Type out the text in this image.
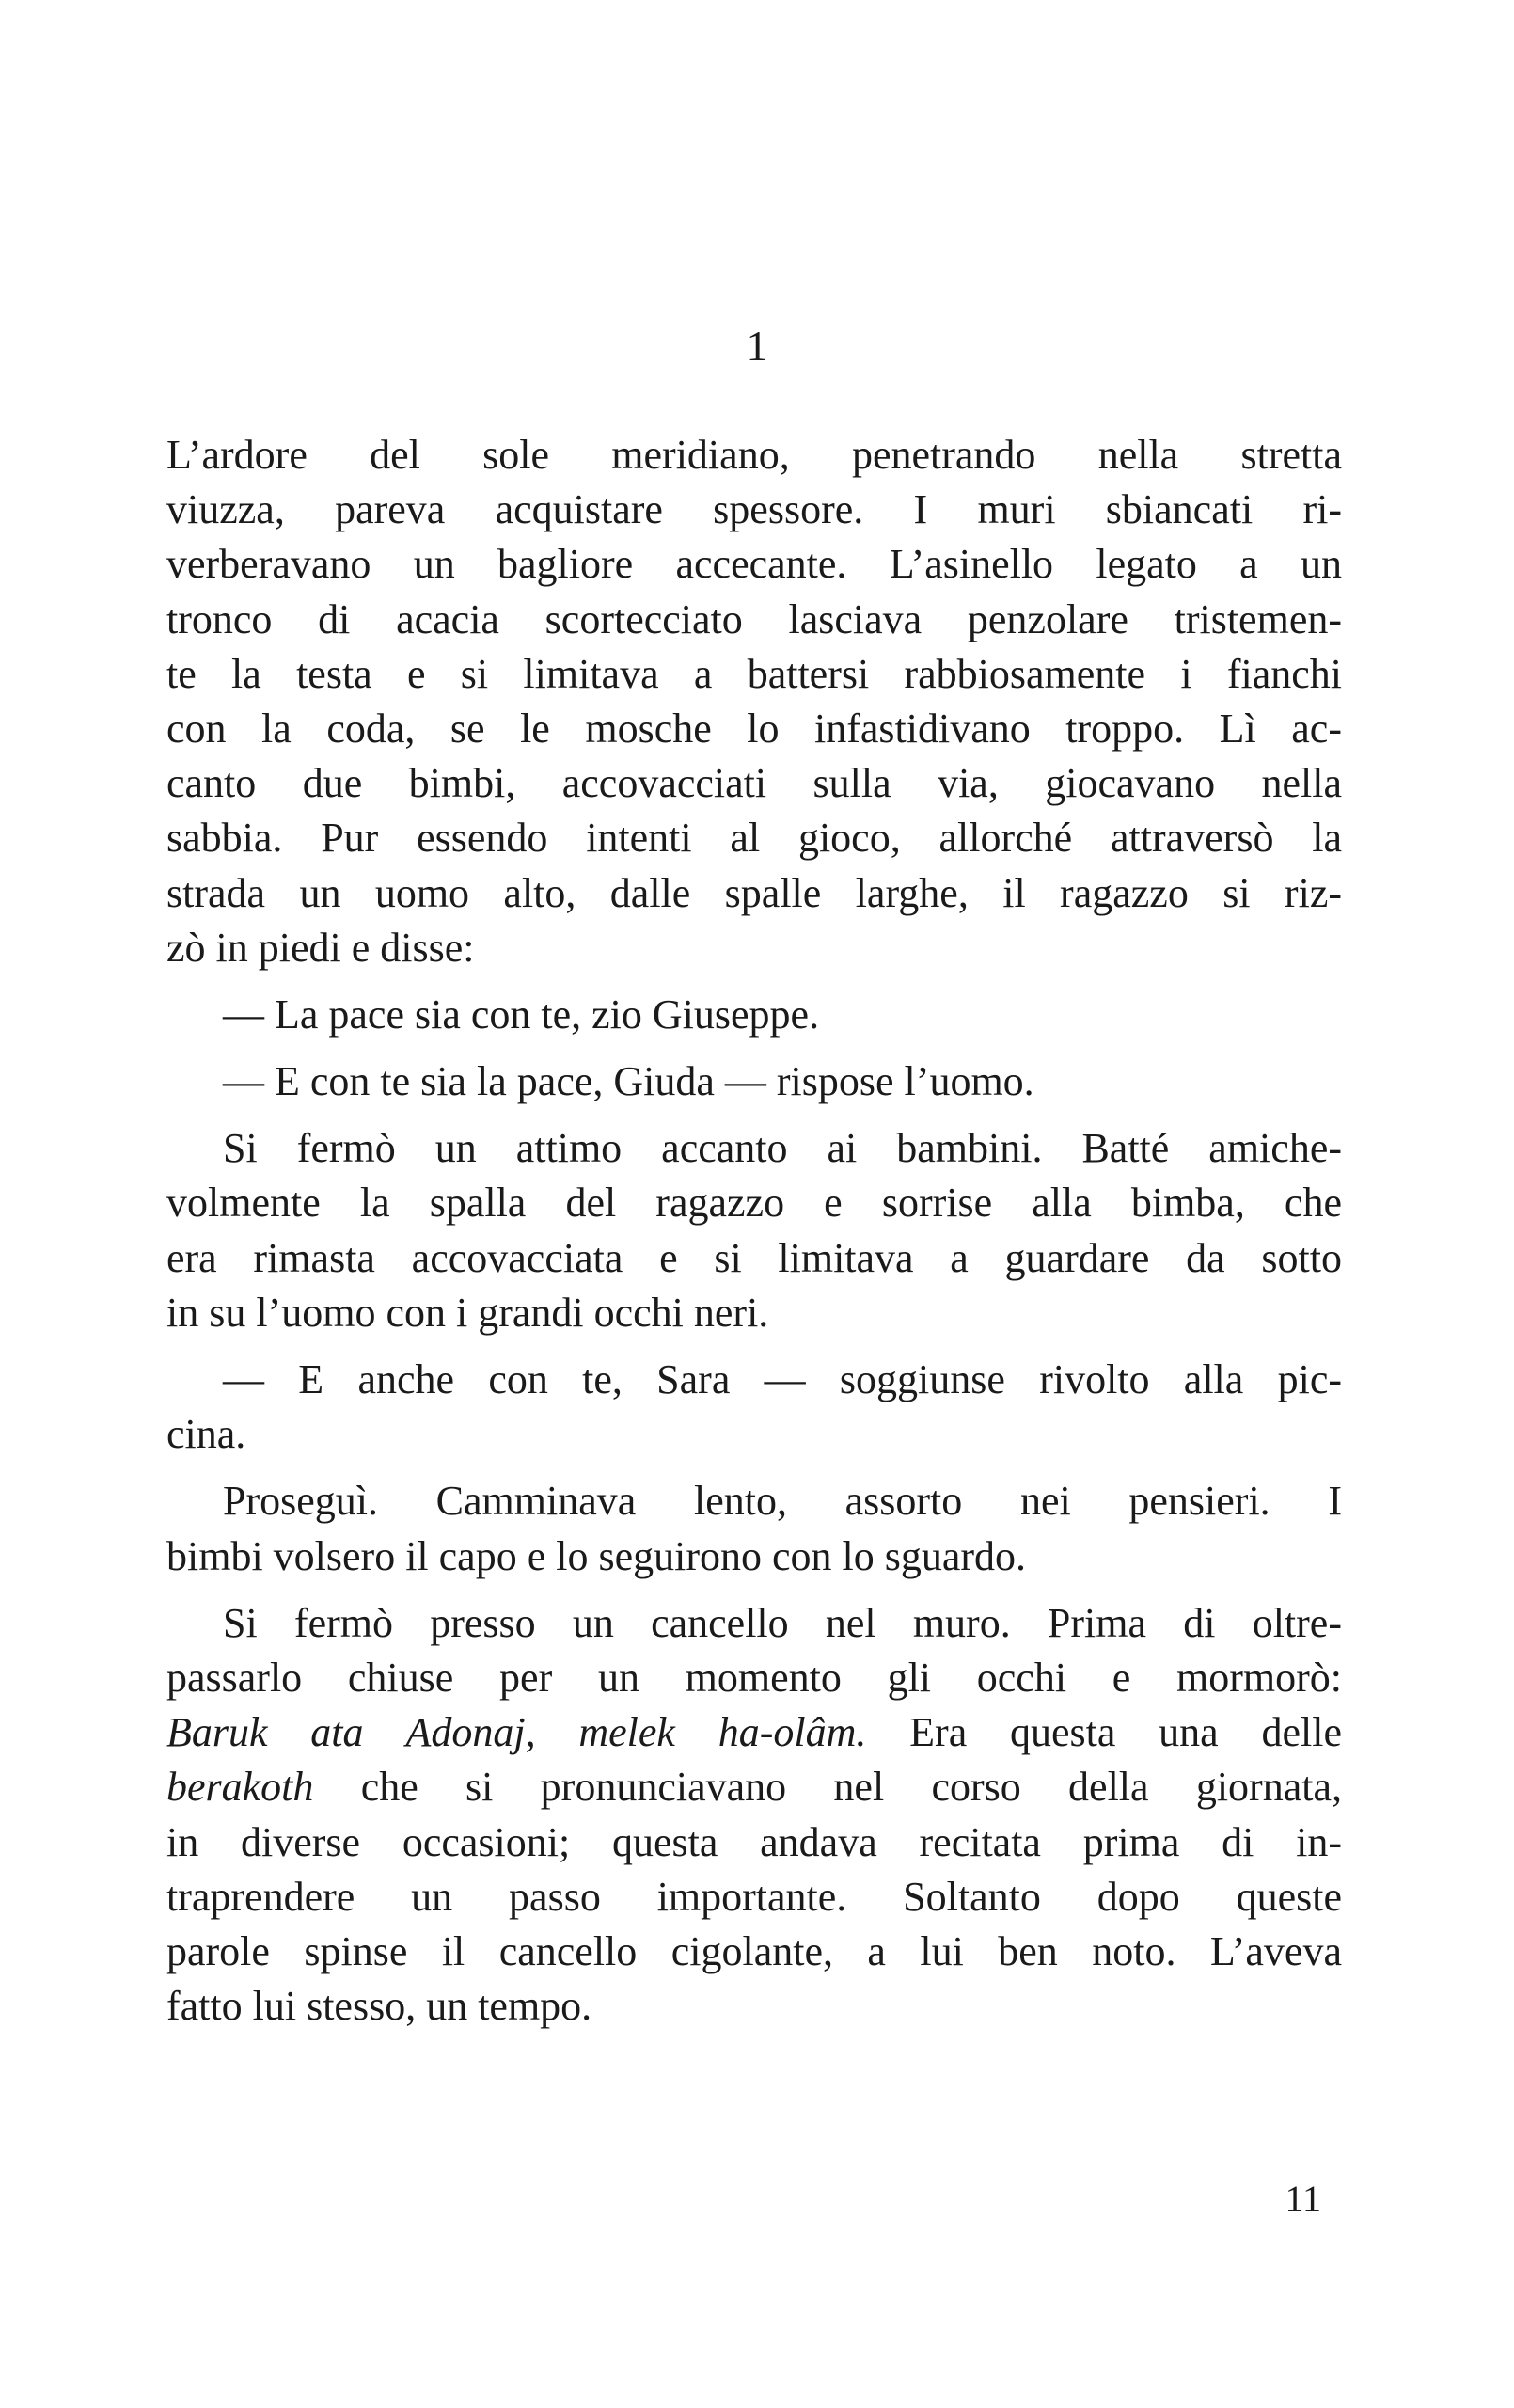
1
L’ardore del sole meridiano, penetrando nella stretta
viuzza, pareva acquistare spessore. I muri sbiancati ri-
verberavano un bagliore accecante. L’asinello legato a un
tronco di acacia scortecciato lasciava penzolare tristemen-
te la testa e si limitava a battersi rabbiosamente i fianchi
con la coda, se le mosche lo infastidivano troppo. Lì ac-
canto due bimbi, accovacciati sulla via, giocavano nella
sabbia. Pur essendo intenti al gioco, allorché attraversò la
strada un uomo alto, dalle spalle larghe, il ragazzo si riz-
zò in piedi e disse:
— La pace sia con te, zio Giuseppe.
— E con te sia la pace, Giuda — rispose l’uomo.
Si fermò un attimo accanto ai bambini. Batté amiche-
volmente la spalla del ragazzo e sorrise alla bimba, che
era rimasta accovacciata e si limitava a guardare da sotto
in su l’uomo con i grandi occhi neri.
— E anche con te, Sara — soggiunse rivolto alla pic-
cina.
Proseguì. Camminava lento, assorto nei pensieri. I
bimbi volsero il capo e lo seguirono con lo sguardo.
Si fermò presso un cancello nel muro. Prima di oltre-
passarlo chiuse per un momento gli occhi e mormorò:
Baruk ata Adonaj, melek ha-olâm. Era questa una delle
berakoth che si pronunciavano nel corso della giornata,
in diverse occasioni; questa andava recitata prima di in-
traprendere un passo importante. Soltanto dopo queste
parole spinse il cancello cigolante, a lui ben noto. L’aveva
fatto lui stesso, un tempo.
11
